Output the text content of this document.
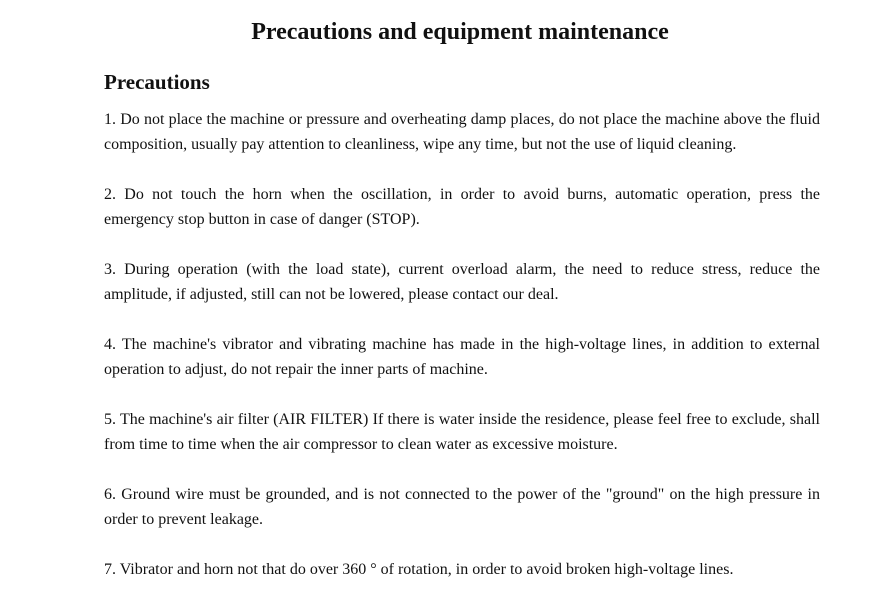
Precautions and equipment maintenance
Precautions
1. Do not place the machine or pressure and overheating damp places, do not place the machine above the fluid composition, usually pay attention to cleanliness, wipe any time, but not the use of liquid cleaning.
2. Do not touch the horn when the oscillation, in order to avoid burns, automatic operation, press the emergency stop button in case of danger (STOP).
3. During operation (with the load state), current overload alarm, the need to reduce stress, reduce the amplitude, if adjusted, still can not be lowered, please contact our deal.
4. The machine's vibrator and vibrating machine has made in the high-voltage lines, in addition to external operation to adjust, do not repair the inner parts of machine.
5. The machine's air filter (AIR FILTER) If there is water inside the residence, please feel free to exclude, shall from time to time when the air compressor to clean water as excessive moisture.
6. Ground wire must be grounded, and is not connected to the power of the "ground" on the high pressure in order to prevent leakage.
7. Vibrator and horn not that do over 360 ° of rotation, in order to avoid broken high-voltage lines.
